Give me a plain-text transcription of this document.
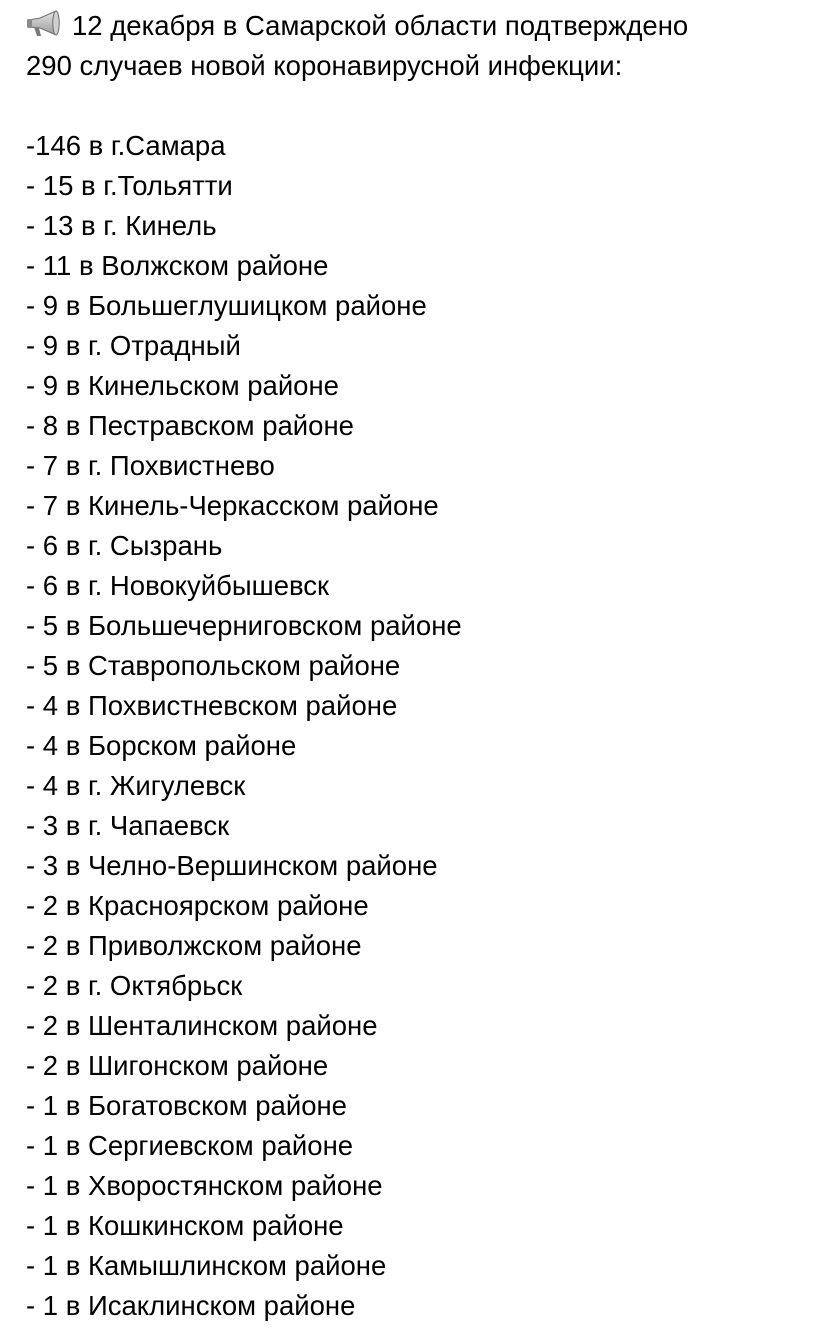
12 декабря в Самарской области подтверждено
290 случаев новой коронавирусной инфекции:

-146 в г.Самара
- 15 в г.Тольятти
- 13 в г. Кинель
- 11 в Волжском районе
- 9 в Большеглушицком районе
- 9 в г. Отрадный
- 9 в Кинельском районе
- 8 в Пестравском районе
- 7 в г. Похвистнево
- 7 в Кинель-Черкасском районе
- 6 в г. Сызрань
- 6 в г. Новокуйбышевск
- 5 в Большечерниговском районе
- 5 в Ставропольском районе
- 4 в Похвистневском районе
- 4 в Борском районе
- 4 в г. Жигулевск
- 3 в г. Чапаевск
- 3 в Челно-Вершинском районе
- 2 в Красноярском районе
- 2 в Приволжском районе
- 2 в г. Октябрьск
- 2 в Шенталинском районе
- 2 в Шигонском районе
- 1 в Богатовском районе
- 1 в Сергиевском районе
- 1 в Хворостянском районе
- 1 в Кошкинском районе
- 1 в Камышлинском районе
- 1 в Исаклинском районе
